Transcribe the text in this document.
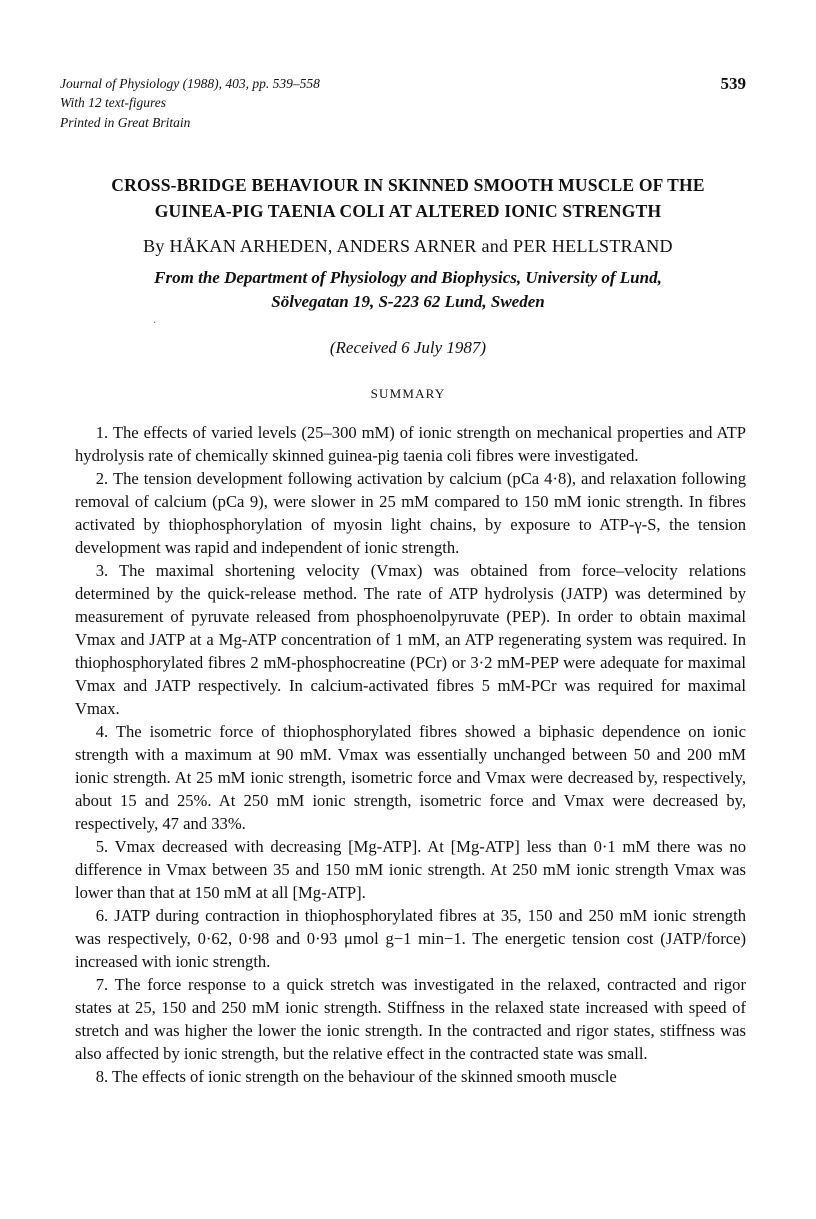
Journal of Physiology (1988), 403, pp. 539–558
With 12 text-figures
539
Printed in Great Britain
CROSS-BRIDGE BEHAVIOUR IN SKINNED SMOOTH MUSCLE OF THE
GUINEA-PIG TAENIA COLI AT ALTERED IONIC STRENGTH
By HÅKAN ARHEDEN, ANDERS ARNER and PER HELLSTRAND
From the Department of Physiology and Biophysics, University of Lund,
Sölvegatan 19, S-223 62 Lund, Sweden
·
(Received 6 July 1987)
SUMMARY

1. The effects of varied levels (25–300 mM) of ionic strength on mechanical properties and ATP hydrolysis rate of chemically skinned guinea-pig taenia coli fibres were investigated.

2. The tension development following activation by calcium (pCa 4·8), and relaxation following removal of calcium (pCa 9), were slower in 25 mM compared to 150 mM ionic strength. In fibres activated by thiophosphorylation of myosin light chains, by exposure to ATP-γ-S, the tension development was rapid and independent of ionic strength.

3. The maximal shortening velocity (Vmax) was obtained from force–velocity relations determined by the quick-release method. The rate of ATP hydrolysis (JATP) was determined by measurement of pyruvate released from phosphoenolpyruvate (PEP). In order to obtain maximal Vmax and JATP at a Mg-ATP concentration of 1 mM, an ATP regenerating system was required. In thiophosphorylated fibres 2 mM-phosphocreatine (PCr) or 3·2 mM-PEP were adequate for maximal Vmax and JATP respectively. In calcium-activated fibres 5 mM-PCr was required for maximal Vmax.

4. The isometric force of thiophosphorylated fibres showed a biphasic dependence on ionic strength with a maximum at 90 mM. Vmax was essentially unchanged between 50 and 200 mM ionic strength. At 25 mM ionic strength, isometric force and Vmax were decreased by, respectively, about 15 and 25%. At 250 mM ionic strength, isometric force and Vmax were decreased by, respectively, 47 and 33%.

5. Vmax decreased with decreasing [Mg-ATP]. At [Mg-ATP] less than 0·1 mM there was no difference in Vmax between 35 and 150 mM ionic strength. At 250 mM ionic strength Vmax was lower than that at 150 mM at all [Mg-ATP].

6. JATP during contraction in thiophosphorylated fibres at 35, 150 and 250 mM ionic strength was respectively, 0·62, 0·98 and 0·93 μmol g−1 min−1. The energetic tension cost (JATP/force) increased with ionic strength.

7. The force response to a quick stretch was investigated in the relaxed, contracted and rigor states at 25, 150 and 250 mM ionic strength. Stiffness in the relaxed state increased with speed of stretch and was higher the lower the ionic strength. In the contracted and rigor states, stiffness was also affected by ionic strength, but the relative effect in the contracted state was small.

8. The effects of ionic strength on the behaviour of the skinned smooth muscle
